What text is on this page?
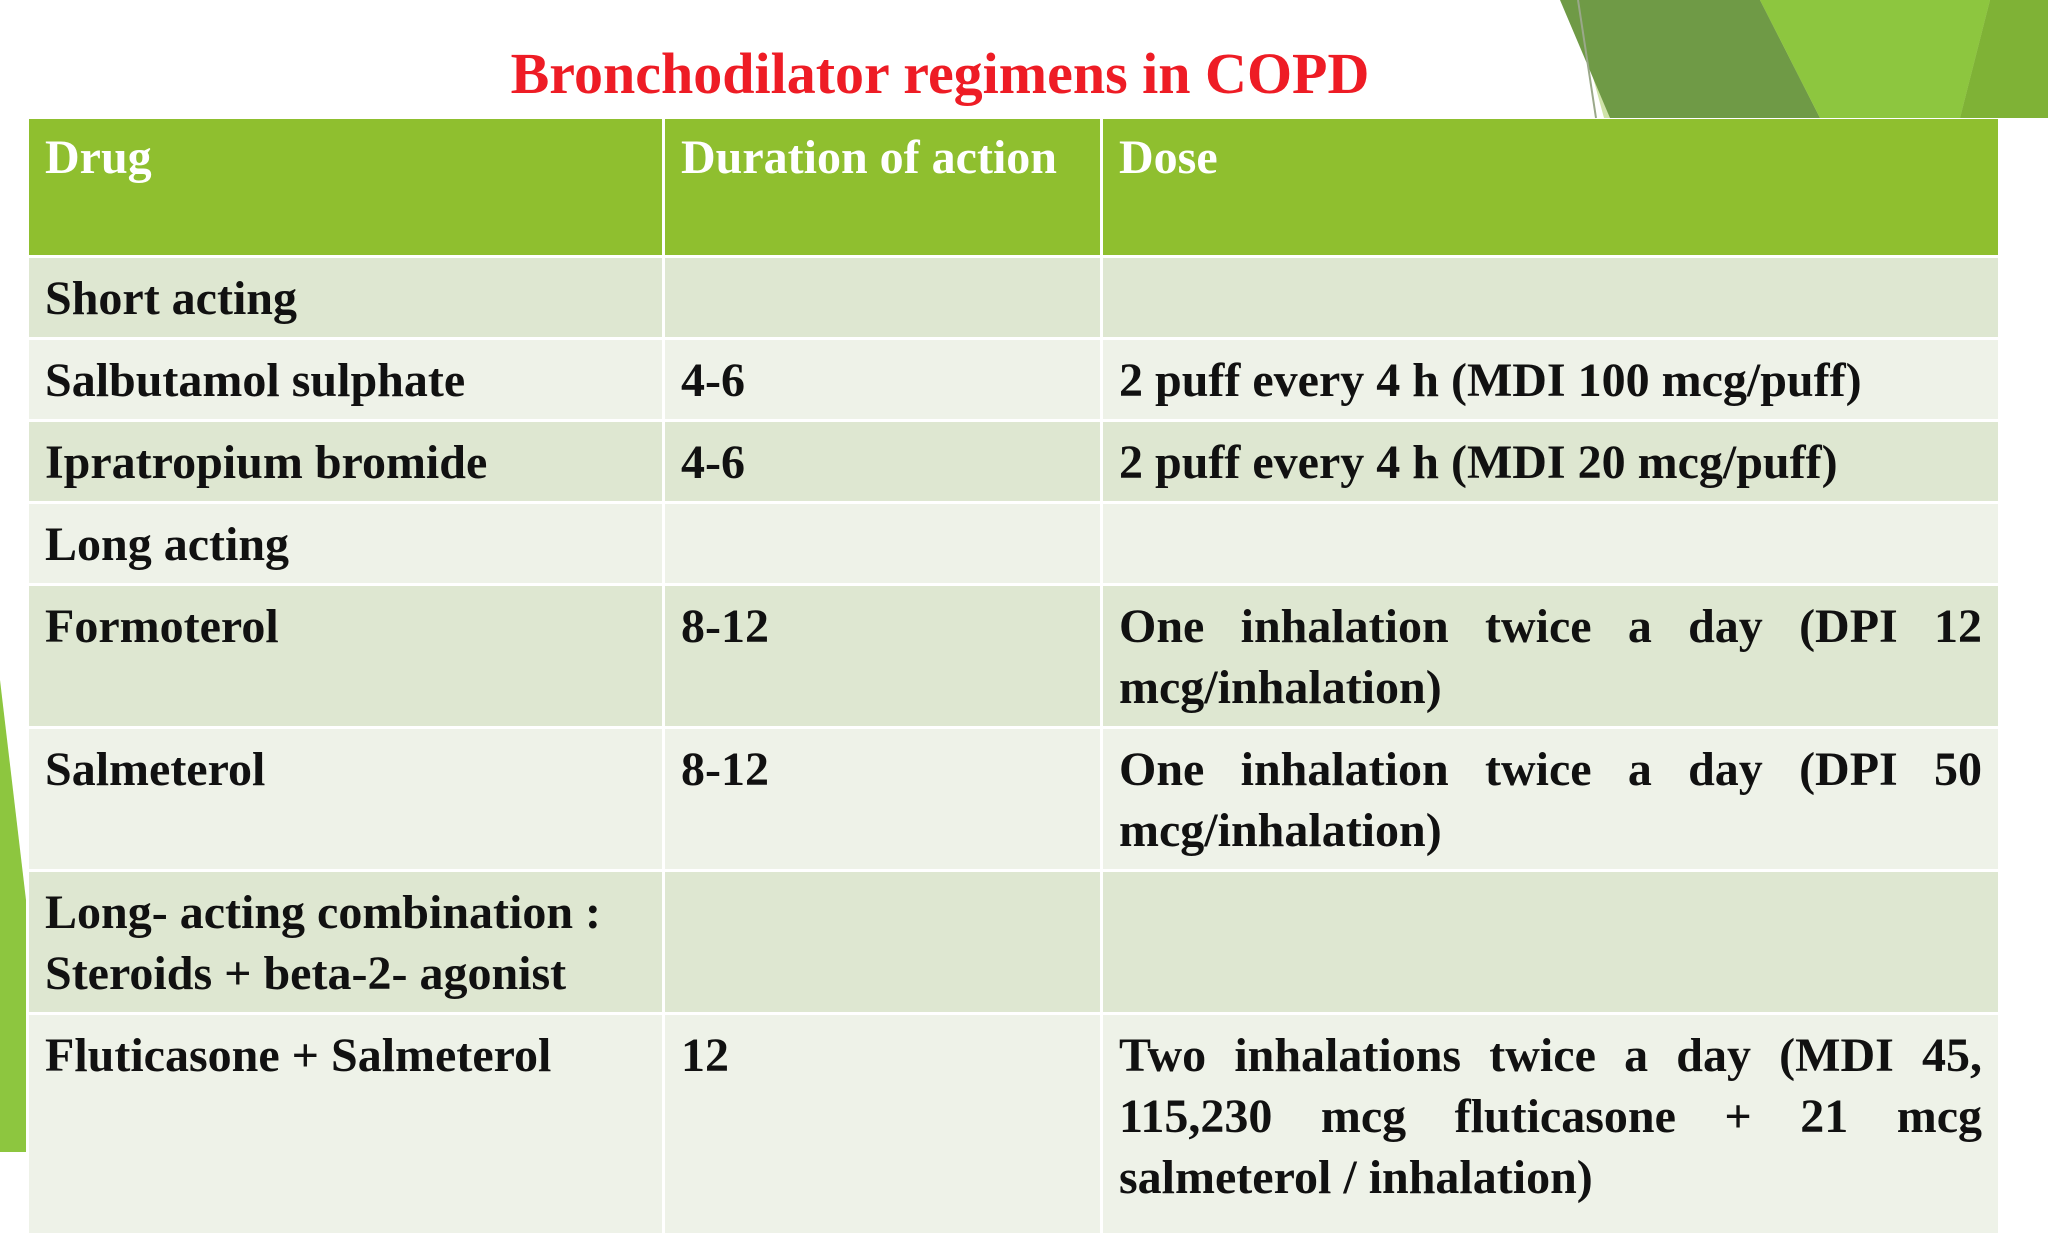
Bronchodilator regimens in COPD
Drug	Duration of action	Dose
Short acting		
Salbutamol sulphate	4-6	2 puff every 4 h (MDI 100 mcg/puff)
Ipratropium bromide	4-6	2 puff every 4 h (MDI 20 mcg/puff)
Long acting		
Formoterol	8-12	One inhalation twice a day (DPI 12 mcg/inhalation)
Salmeterol	8-12	One inhalation twice a day (DPI 50 mcg/inhalation)
Long- acting combination : Steroids + beta-2- agonist		
Fluticasone + Salmeterol	12	Two inhalations twice a day (MDI 45, 115,230 mcg fluticasone + 21 mcg salmeterol / inhalation)
